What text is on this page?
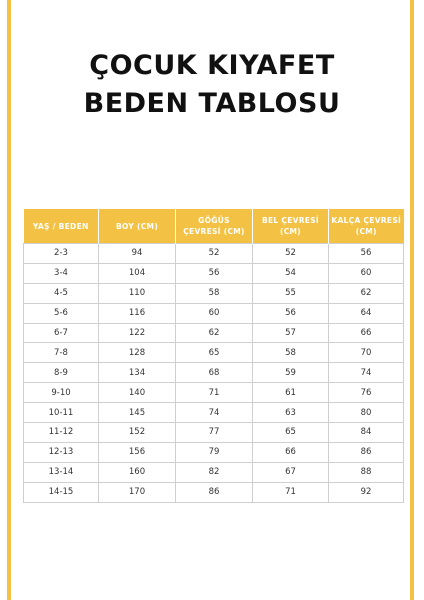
ÇOCUK KIYAFET
BEDEN TABLOSU
YAŞ / BEDEN	BOY (CM)	GÖĞÜS ÇEVRESİ (CM)	BEL ÇEVRESİ (CM)	KALÇA ÇEVRESİ (CM)
2-3	94	52	52	56
3-4	104	56	54	60
4-5	110	58	55	62
5-6	116	60	56	64
6-7	122	62	57	66
7-8	128	65	58	70
8-9	134	68	59	74
9-10	140	71	61	76
10-11	145	74	63	80
11-12	152	77	65	84
12-13	156	79	66	86
13-14	160	82	67	88
14-15	170	86	71	92
